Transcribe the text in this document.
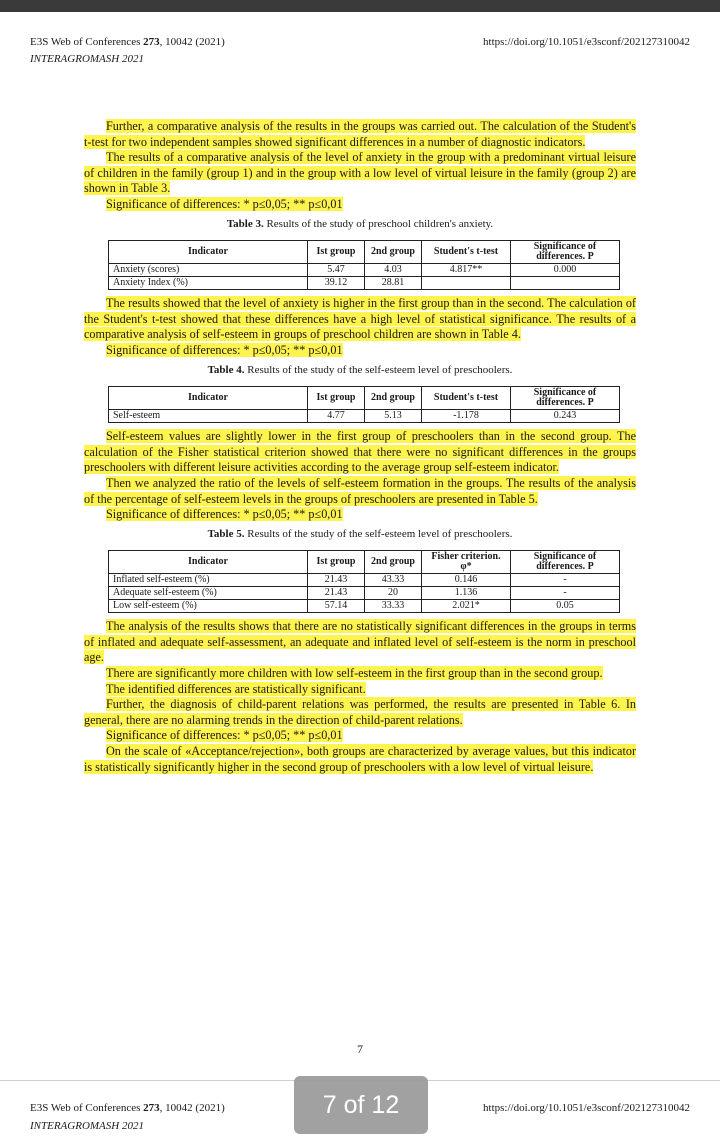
E3S Web of Conferences 273, 10042 (2021)
INTERAGROMASH 2021
https://doi.org/10.1051/e3sconf/202127310042

Further, a comparative analysis of the results in the groups was carried out. The calculation of the Student's t-test for two independent samples showed significant differences in a number of diagnostic indicators.

The results of a comparative analysis of the level of anxiety in the group with a predominant virtual leisure of children in the family (group 1) and in the group with a low level of virtual leisure in the family (group 2) are shown in Table 3.

Significance of differences: * p≤0,05; ** p≤0,01

Table 3. Results of the study of preschool children's anxiety.
Indicator	Ist group	2nd group	Student's t-test	Significance of differences. P
Anxiety (scores)	5.47	4.03	4.817**	0.000
Anxiety Index (%)	39.12	28.81		

The results showed that the level of anxiety is higher in the first group than in the second. The calculation of the Student's t-test showed that these differences have a high level of statistical significance. The results of a comparative analysis of self-esteem in groups of preschool children are shown in Table 4.

Significance of differences: * p≤0,05; ** p≤0,01

Table 4. Results of the study of the self-esteem level of preschoolers.
Indicator	Ist group	2nd group	Student's t-test	Significance of differences. P
Self-esteem	4.77	5.13	-1.178	0.243

Self-esteem values are slightly lower in the first group of preschoolers than in the second group. The calculation of the Fisher statistical criterion showed that there were no significant differences in the groups preschoolers with different leisure activities according to the average group self-esteem indicator.

Then we analyzed the ratio of the levels of self-esteem formation in the groups. The results of the analysis of the percentage of self-esteem levels in the groups of preschoolers are presented in Table 5.

Significance of differences: * p≤0,05; ** p≤0,01

Table 5. Results of the study of the self-esteem level of preschoolers.
Indicator	Ist group	2nd group	Fisher criterion. φ*	Significance of differences. P
Inflated self-esteem (%)	21.43	43.33	0.146	-
Adequate self-esteem (%)	21.43	20	1.136	-
Low self-esteem (%)	57.14	33.33	2.021*	0.05

The analysis of the results shows that there are no statistically significant differences in the groups in terms of inflated and adequate self-assessment, an adequate and inflated level of self-esteem is the norm in preschool age.

There are significantly more children with low self-esteem in the first group than in the second group.

The identified differences are statistically significant.

Further, the diagnosis of child-parent relations was performed, the results are presented in Table 6. In general, there are no alarming trends in the direction of child-parent relations.

Significance of differences: * p≤0,05; ** p≤0,01

On the scale of «Acceptance/rejection», both groups are characterized by average values, but this indicator is statistically significantly higher in the second group of preschoolers with a low level of virtual leisure.

7
E3S Web of Conferences 273, 10042 (2021)
INTERAGROMASH 2021
https://doi.org/10.1051/e3sconf/202127310042
7 of 12
